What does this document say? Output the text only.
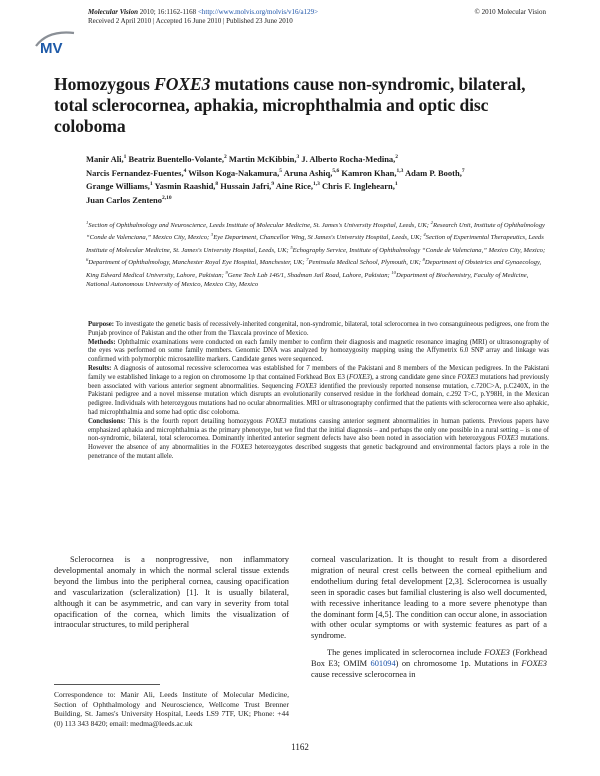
MV
Molecular Vision 2010; 16:1162-1168 <http://www.molvis.org/molvis/v16/a129>
Received 2 April 2010 | Accepted 16 June 2010 | Published 23 June 2010
© 2010 Molecular Vision
Homozygous FOXE3 mutations cause non-syndromic, bilateral, total sclerocornea, aphakia, microphthalmia and optic disc coloboma
Manir Ali,$^1$ Beatriz Buentello-Volante,$^2$ Martin McKibbin,$^3$ J. Alberto Rocha-Medina,$^2$
Narcis Fernandez-Fuentes,$^4$ Wilson Koga-Nakamura,$^5$ Aruna Ashiq,$^{5,6}$ Kamron Khan,$^{1,3}$ Adam P. Booth,$^7$
Grange Williams,$^1$ Yasmin Raashid,$^8$ Hussain Jafri,$^9$ Aine Rice,$^{1,3}$ Chris F. Inglehearn,$^1$
Juan Carlos Zenteno$^{2,10}$
$^1$Section of Ophthalmology and Neuroscience, Leeds Institute of Molecular Medicine, St. James's University Hospital, Leeds, UK; $^2$Research Unit, Institute of Ophthalmology “Conde de Valenciana,” Mexico City, Mexico; $^3$Eye Department, Chancellor Wing, St James's University Hospital, Leeds, UK; $^4$Section of Experimental Therapeutics, Leeds Institute of Molecular Medicine, St. James's University Hospital, Leeds, UK; $^5$Echography Service, Institute of Ophthalmology “Conde de Valenciana,” Mexico City, Mexico; $^6$Department of Ophthalmology, Manchester Royal Eye Hospital, Manchester, UK; $^7$Peninsula Medical School, Plymouth, UK; $^8$Department of Obstetrics and Gynaecology, King Edward Medical University, Lahore, Pakistan; $^9$Gene Tech Lab 146/1, Shadman Jail Road, Lahore, Pakistan; $^{10}$Department of Biochemistry, Faculty of Medicine, National Autonomous University of Mexico, Mexico City, Mexico

Purpose: To investigate the genetic basis of recessively-inherited congenital, non-syndromic, bilateral, total sclerocornea in two consanguineous pedigrees, one from the Punjab province of Pakistan and the other from the Tlaxcala province of Mexico.

Methods: Ophthalmic examinations were conducted on each family member to confirm their diagnosis and magnetic resonance imaging (MRI) or ultrasonography of the eyes was performed on some family members. Genomic DNA was analyzed by homozygosity mapping using the Affymetrix 6.0 SNP array and linkage was confirmed with polymorphic microsatellite markers. Candidate genes were sequenced.

Results: A diagnosis of autosomal recessive sclerocornea was established for 7 members of the Pakistani and 8 members of the Mexican pedigrees. In the Pakistani family we established linkage to a region on chromosome 1p that contained Forkhead Box E3 (FOXE3), a strong candidate gene since FOXE3 mutations had previously been associated with various anterior segment abnormalities. Sequencing FOXE3 identified the previously reported nonsense mutation, c.720C>A, p.C240X, in the Pakistani pedigree and a novel missense mutation which disrupts an evolutionarily conserved residue in the forkhead domain, c.292 T>C, p.Y98H, in the Mexican pedigree. Individuals with heterozygous mutations had no ocular abnormalities. MRI or ultrasonography confirmed that the patients with sclerocornea were also aphakic, had microphthalmia and some had optic disc coloboma.

Conclusions: This is the fourth report detailing homozygous FOXE3 mutations causing anterior segment abnormalities in human patients. Previous papers have emphasized aphakia and microphthalmia as the primary phenotype, but we find that the initial diagnosis – and perhaps the only one possible in a rural setting – is one of non-syndromic, bilateral, total sclerocornea. Dominantly inherited anterior segment defects have also been noted in association with heterozygous FOXE3 mutations. However the absence of any abnormalities in the FOXE3 heterozygotes described suggests that genetic background and environmental factors plays a role in the penetrance of the mutant allele.

Sclerocornea is a nonprogressive, non inflammatory developmental anomaly in which the normal scleral tissue extends beyond the limbus into the peripheral cornea, causing opacification and vascularization (scleralization) [1]. It is usually bilateral, although it can be asymmetric, and can vary in severity from total opacification of the cornea, which limits the visualization of intraocular structures, to mild peripheral

corneal vascularization. It is thought to result from a disordered migration of neural crest cells between the corneal epithelium and endothelium during fetal development [2,3]. Sclerocornea is usually seen in sporadic cases but familial clustering is also well documented, with recessive inheritance leading to a more severe phenotype than the dominant form [4,5]. The condition can occur alone, in association with other ocular symptoms or with systemic features as part of a syndrome.

The genes implicated in sclerocornea include FOXE3 (Forkhead Box E3; OMIM 601094) on chromosome 1p. Mutations in FOXE3 cause recessive sclerocornea in

Correspondence to: Manir Ali, Leeds Institute of Molecular Medicine, Section of Ophthalmology and Neuroscience, Wellcome Trust Brenner Building, St. James's University Hospital, Leeds LS9 7TF, UK; Phone: +44 (0) 113 343 8420; email: medma@leeds.ac.uk
1162
